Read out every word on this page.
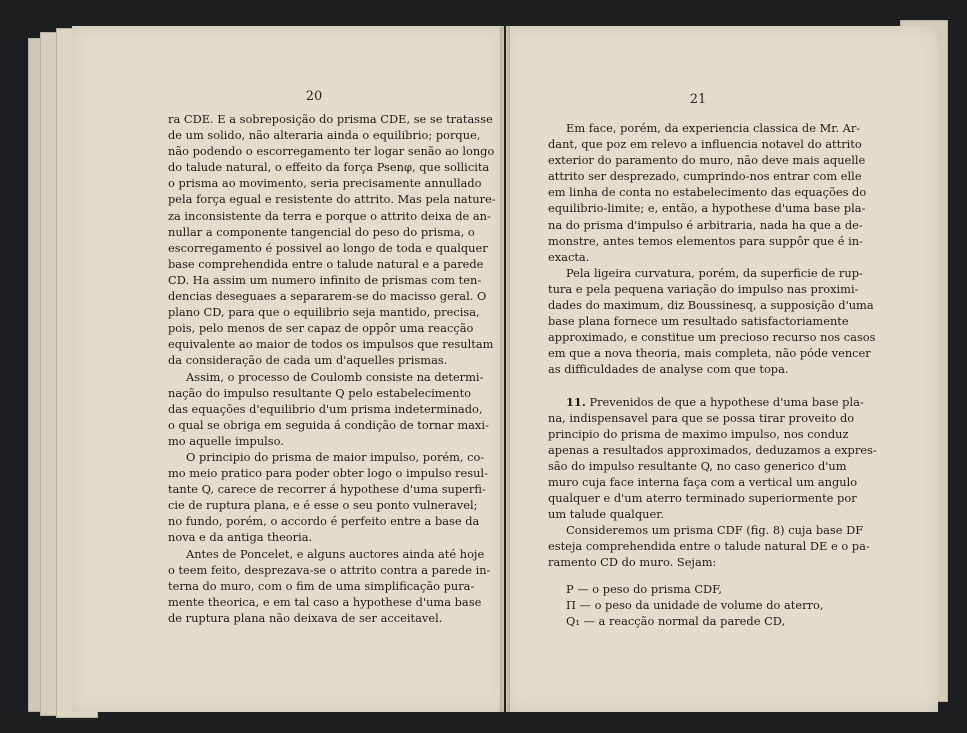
20
ra CDE. E a sobreposição do prisma CDE, se se tratasse
de um solido, não alteraria ainda o equilibrio; porque,
não podendo o escorregamento ter logar senão ao longo
do talude natural, o effeito da força Psenφ, que sollicita
o prisma ao movimento, seria precisamente annullado
pela força egual e resistente do attrito. Mas pela nature-
za inconsistente da terra e porque o attrito deixa de an-
nullar a componente tangencial do peso do prisma, o
escorregamento é possivel ao longo de toda e qualquer
base comprehendida entre o talude natural e a parede
CD. Ha assim um numero infinito de prismas com ten-
dencias deseguaes a separarem-se do macisso geral. O
plano CD, para que o equilibrio seja mantido, precisa,
pois, pelo menos de ser capaz de oppôr uma reacção
equivalente ao maior de todos os impulsos que resultam
da consideração de cada um d'aquelles prismas.
Assim, o processo de Coulomb consiste na determi-
nação do impulso resultante Q pelo estabelecimento
das equações d'equilibrio d'um prisma indeterminado,
o qual se obriga em seguida á condição de tornar maxi-
mo aquelle impulso.
O principio do prisma de maior impulso, porém, co-
mo meio pratico para poder obter logo o impulso resul-
tante Q, carece de recorrer á hypothese d'uma superfi-
cie de ruptura plana, e é esse o seu ponto vulneravel;
no fundo, porém, o accordo é perfeito entre a base da
nova e da antiga theoria.
Antes de Poncelet, e alguns auctores ainda até hoje
o teem feito, desprezava-se o attrito contra a parede in-
terna do muro, com o fim de uma simplificação pura-
mente theorica, e em tal caso a hypothese d'uma base
de ruptura plana não deixava de ser acceitavel.
21
Em face, porém, da experiencia classica de Mr. Ar-
dant, que poz em relevo a influencia notavel do attrito
exterior do paramento do muro, não deve mais aquelle
attrito ser desprezado, cumprindo-nos entrar com elle
em linha de conta no estabelecimento das equações do
equilibrio-limite; e, então, a hypothese d'uma base pla-
na do prisma d'impulso é arbitraria, nada ha que a de-
monstre, antes temos elementos para suppôr que é in-
exacta.
Pela ligeira curvatura, porém, da superficie de rup-
tura e pela pequena variação do impulso nas proximi-
dades do maximum, diz Boussinesq, a supposição d'uma
base plana fornece um resultado satisfactoriamente
approximado, e constitue um precioso recurso nos casos
em que a nova theoria, mais completa, não póde vencer
as difficuldades de analyse com que topa.
11. Prevenidos de que a hypothese d'uma base pla-
na, indispensavel para que se possa tirar proveito do
principio do prisma de maximo impulso, nos conduz
apenas a resultados approximados, deduzamos a expres-
são do impulso resultante Q, no caso generico d'um
muro cuja face interna faça com a vertical um angulo
qualquer e d'um aterro terminado superiormente por
um talude qualquer.
Consideremos um prisma CDF (fig. 8) cuja base DF
esteja comprehendida entre o talude natural DE e o pa-
ramento CD do muro. Sejam:
P — o peso do prisma CDF,
Π — o peso da unidade de volume do aterro,
Q₁ — a reacção normal da parede CD,
